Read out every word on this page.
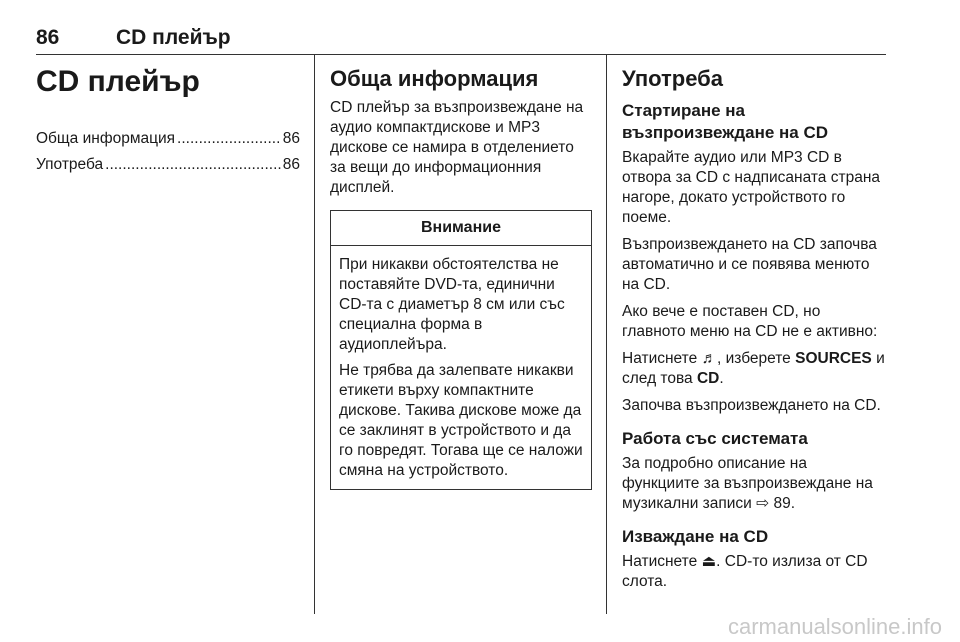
86	CD плейър
CD плейър
Обща информация .....	86
Употреба .....	86
Обща информация

CD плейър за възпроизвеждане на аудио компактдискове и MP3 дискове се намира в отделението за вещи до информационния дисплей.

Внимание

При никакви обстоятелства не поставяйте DVD-та, единични CD-та с диаметър 8 см или със специална форма в аудиоплейъра.

Не трябва да залепвате никакви етикети върху компактните дискове. Такива дискове може да се заклинят в устройството и да го повредят. Тогава ще се наложи смяна на устройството.

Употреба
Стартиране на възпроизвеждане на CD

Вкарайте аудио или MP3 CD в отвора за CD с надписаната страна нагоре, докато устройството го поеме.

Възпроизвеждането на CD започва автоматично и се появява менюто на CD.

Ако вече е поставен CD, но главното меню на CD не е активно:

Натиснете ♬, изберете SOURCES и след това CD.

Започва възпроизвеждането на CD.

Работа със системата

За подробно описание на функциите за възпроизвеждане на музикални записи ⇨ 89.

Изваждане на CD

Натиснете ⏏. CD-то излиза от CD слота.

carmanualsonline.info
